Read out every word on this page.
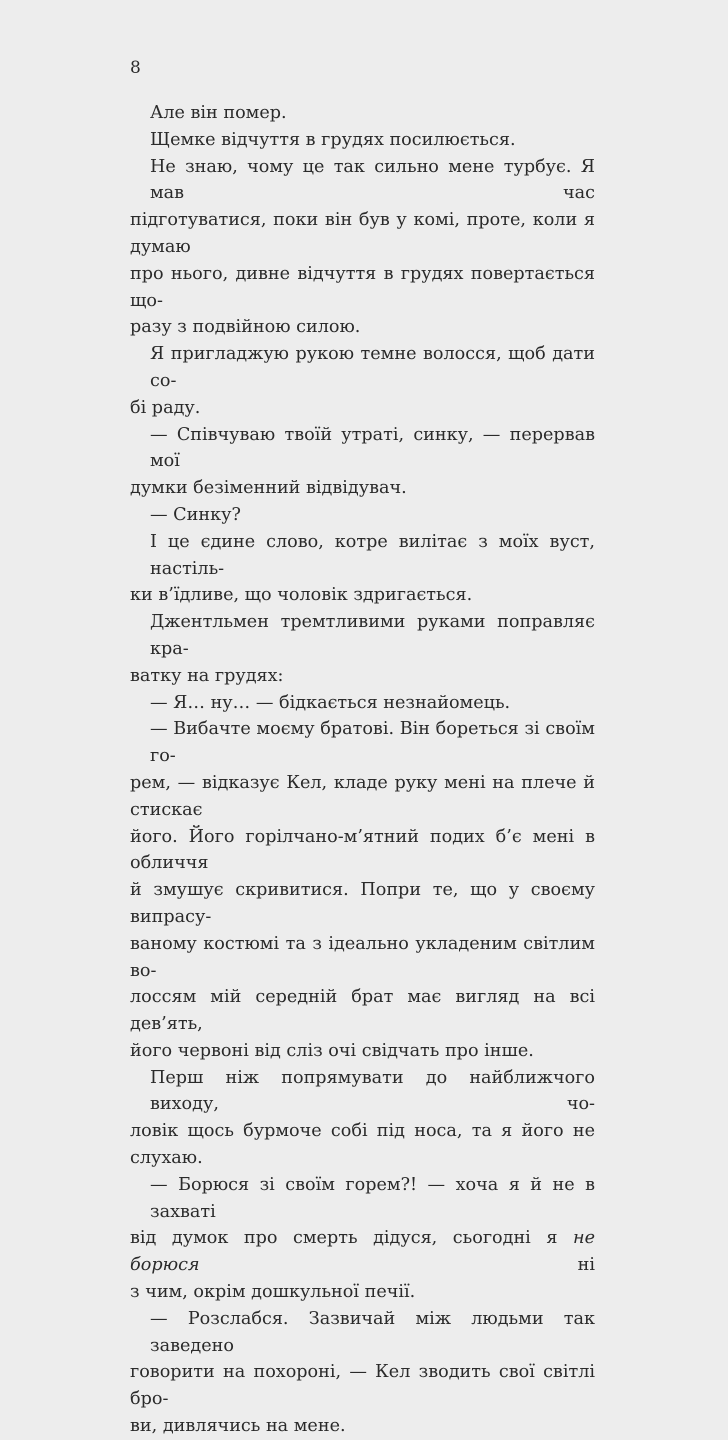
8
Але він помер.
Щемке відчуття в грудях посилюється.
Не знаю, чому це так сильно мене турбує. Я мав час
підготуватися, поки він був у комі, проте, коли я думаю
про нього, дивне відчуття в грудях повертається що-
разу з подвійною силою.
Я пригладжую рукою темне волосся, щоб дати со-
бі раду.
— Співчуваю твоїй утраті, синку, — перервав мої
думки безіменний відвідувач.
— Синку?
І це єдине слово, котре вилітає з моїх вуст, настіль-
ки в’їдливе, що чоловік здригається.
Джентльмен тремтливими руками поправляє кра-
ватку на грудях:
— Я… ну… — бідкається незнайомець.
— Вибачте моєму братові. Він бореться зі своїм го-
рем, — відказує Кел, кладе руку мені на плече й стискає
його. Його горілчано-м’ятний подих б’є мені в обличчя
й змушує скривитися. Попри те, що у своєму випрасу-
ваному костюмі та з ідеально укладеним світлим во-
лоссям мій середній брат має вигляд на всі дев’ять,
його червоні від сліз очі свідчать про інше.
Перш ніж попрямувати до найближчого виходу, чо-
ловік щось бурмоче собі під носа, та я його не слухаю.
— Борюся зі своїм горем?! — хоча я й не в захваті
від думок про смерть дідуся, сьогодні я не борюся ні
з чим, окрім дошкульної печії.
— Розслабся. Зазвичай між людьми так заведено
говорити на похороні, — Кел зводить свої світлі бро-
ви, дивлячись на мене.
